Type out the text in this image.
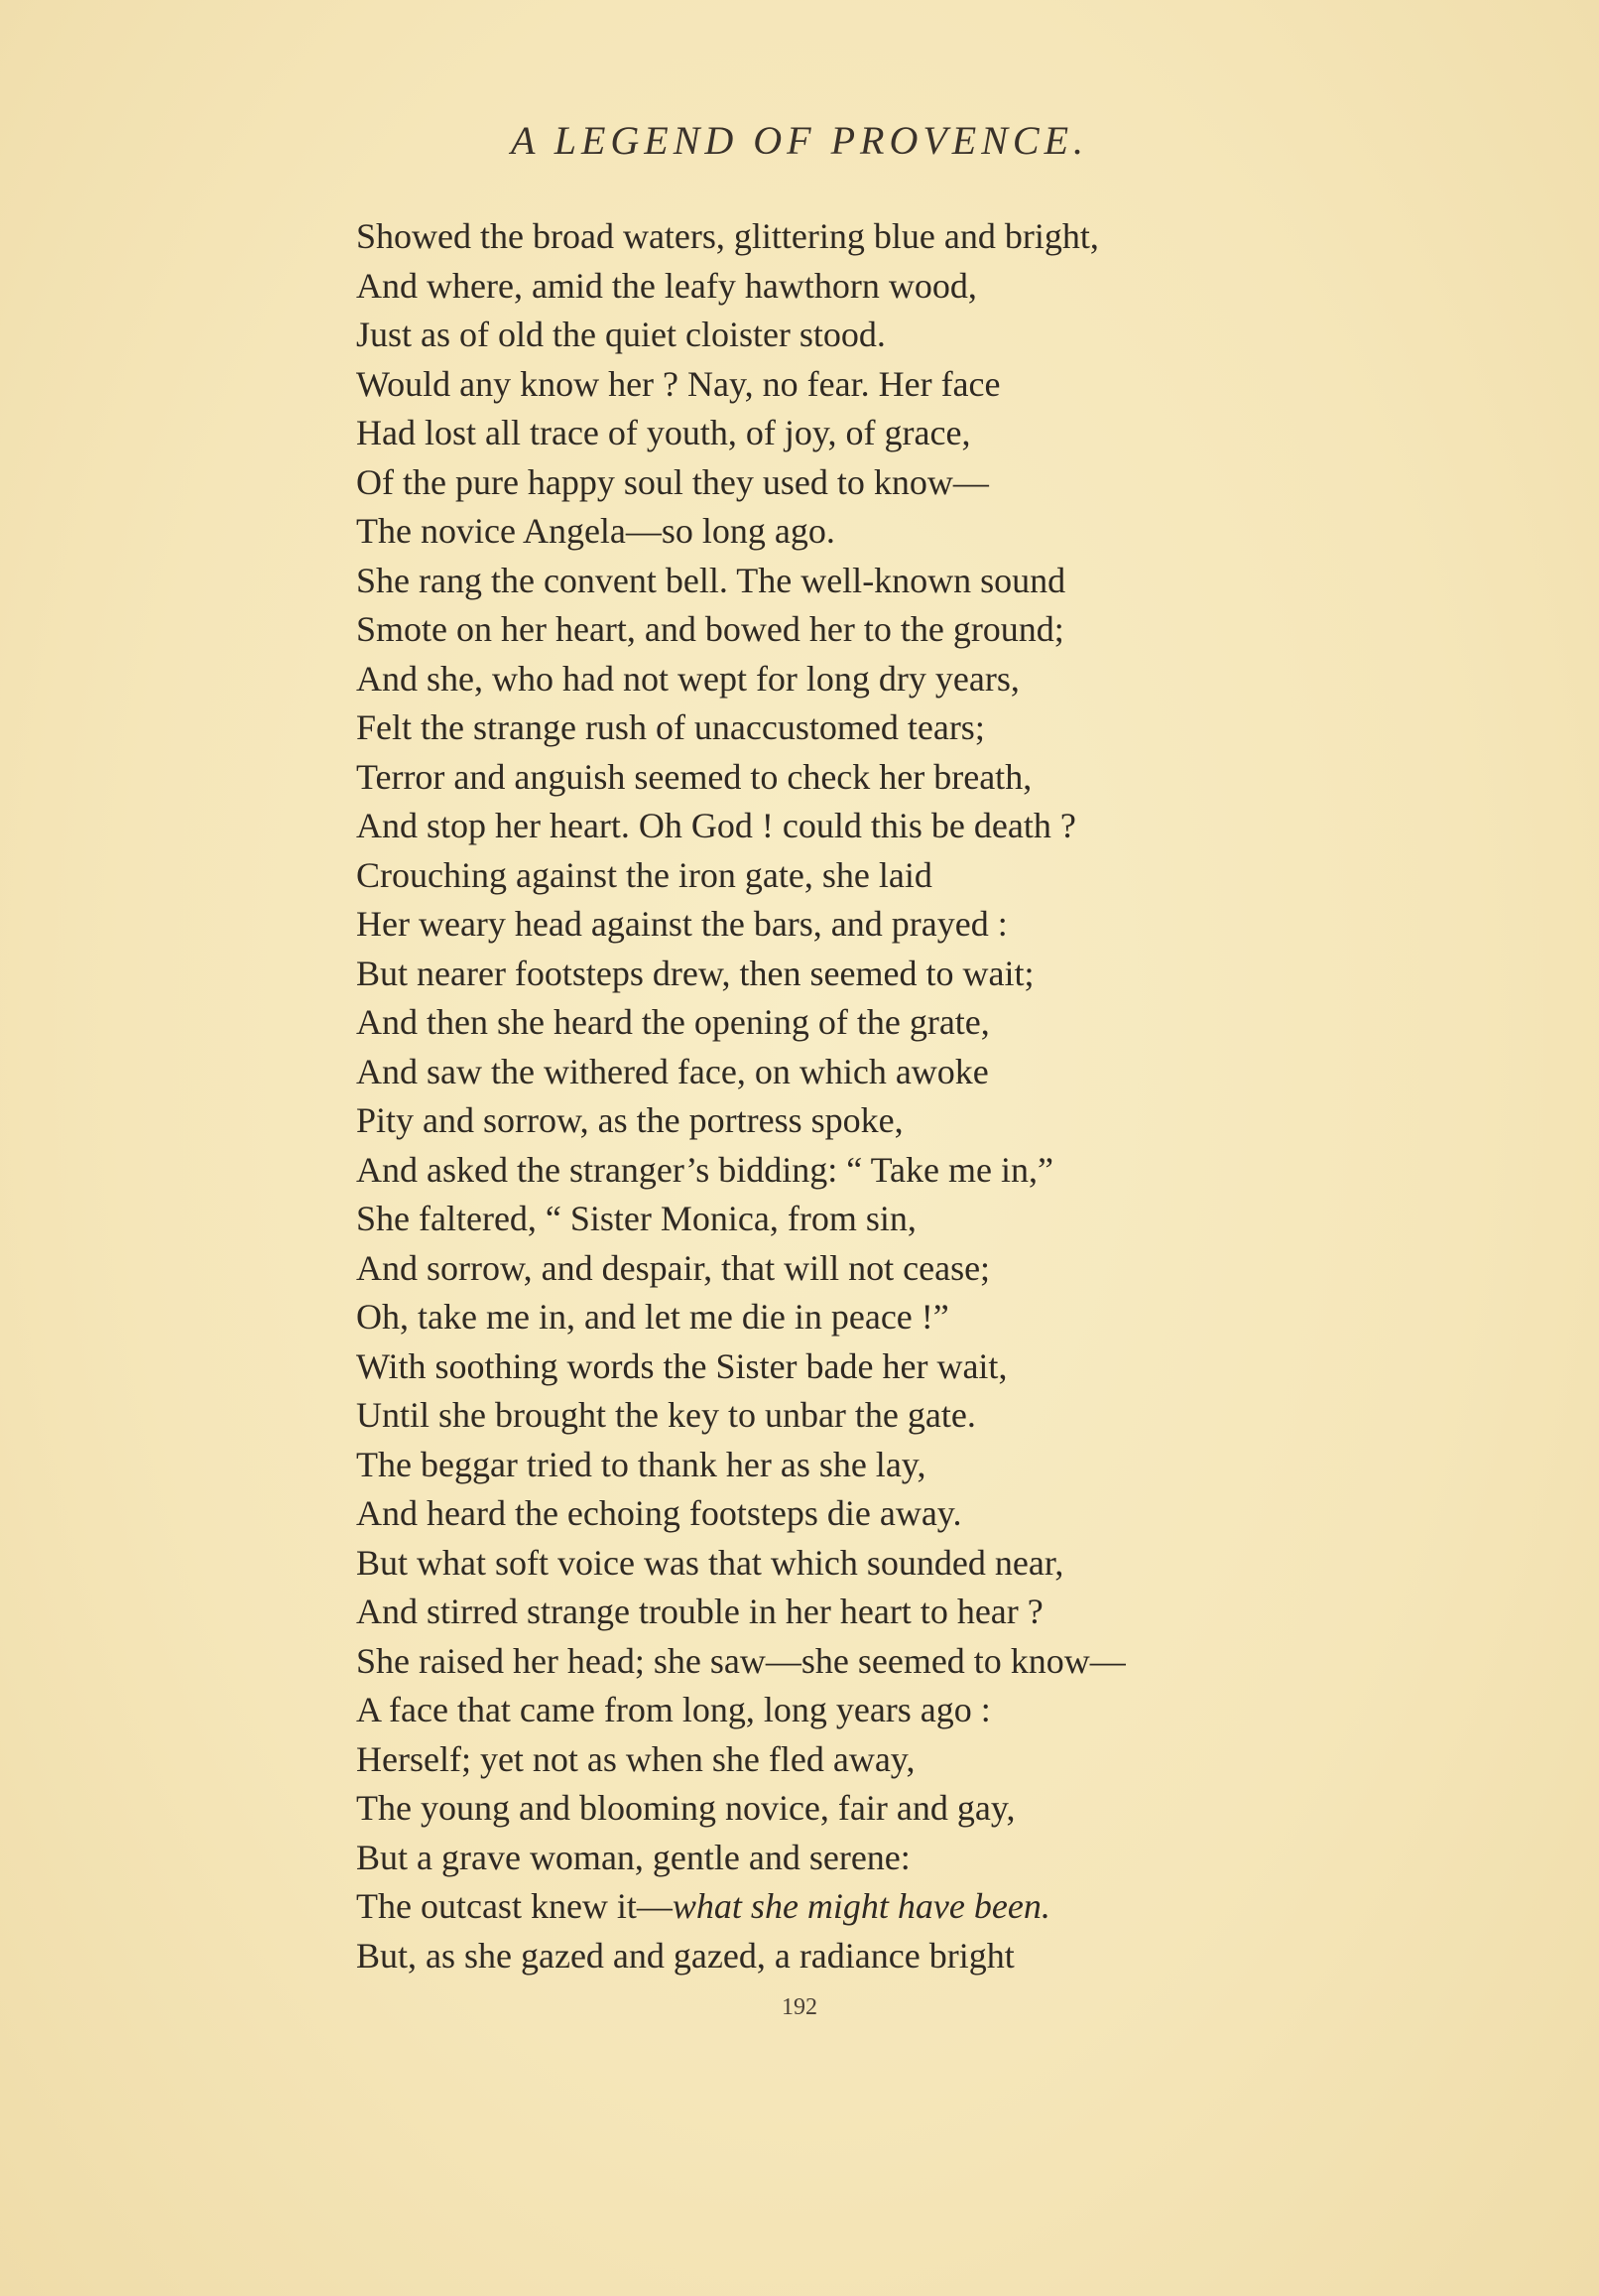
A LEGEND OF PROVENCE.
Showed the broad waters, glittering blue and bright,
And where, amid the leafy hawthorn wood,
Just as of old the quiet cloister stood.
Would any know her ? Nay, no fear. Her face
Had lost all trace of youth, of joy, of grace,
Of the pure happy soul they used to know—
The novice Angela—so long ago.
She rang the convent bell. The well-known sound
Smote on her heart, and bowed her to the ground;
And she, who had not wept for long dry years,
Felt the strange rush of unaccustomed tears;
Terror and anguish seemed to check her breath,
And stop her heart. Oh God ! could this be death ?
Crouching against the iron gate, she laid
Her weary head against the bars, and prayed :
But nearer footsteps drew, then seemed to wait;
And then she heard the opening of the grate,
And saw the withered face, on which awoke
Pity and sorrow, as the portress spoke,
And asked the stranger’s bidding: “ Take me in,”
She faltered, “ Sister Monica, from sin,
And sorrow, and despair, that will not cease;
Oh, take me in, and let me die in peace !”
With soothing words the Sister bade her wait,
Until she brought the key to unbar the gate.
The beggar tried to thank her as she lay,
And heard the echoing footsteps die away.
But what soft voice was that which sounded near,
And stirred strange trouble in her heart to hear ?
She raised her head; she saw—she seemed to know—
A face that came from long, long years ago :
Herself; yet not as when she fled away,
The young and blooming novice, fair and gay,
But a grave woman, gentle and serene:
The outcast knew it—what she might have been.
But, as she gazed and gazed, a radiance bright
192
